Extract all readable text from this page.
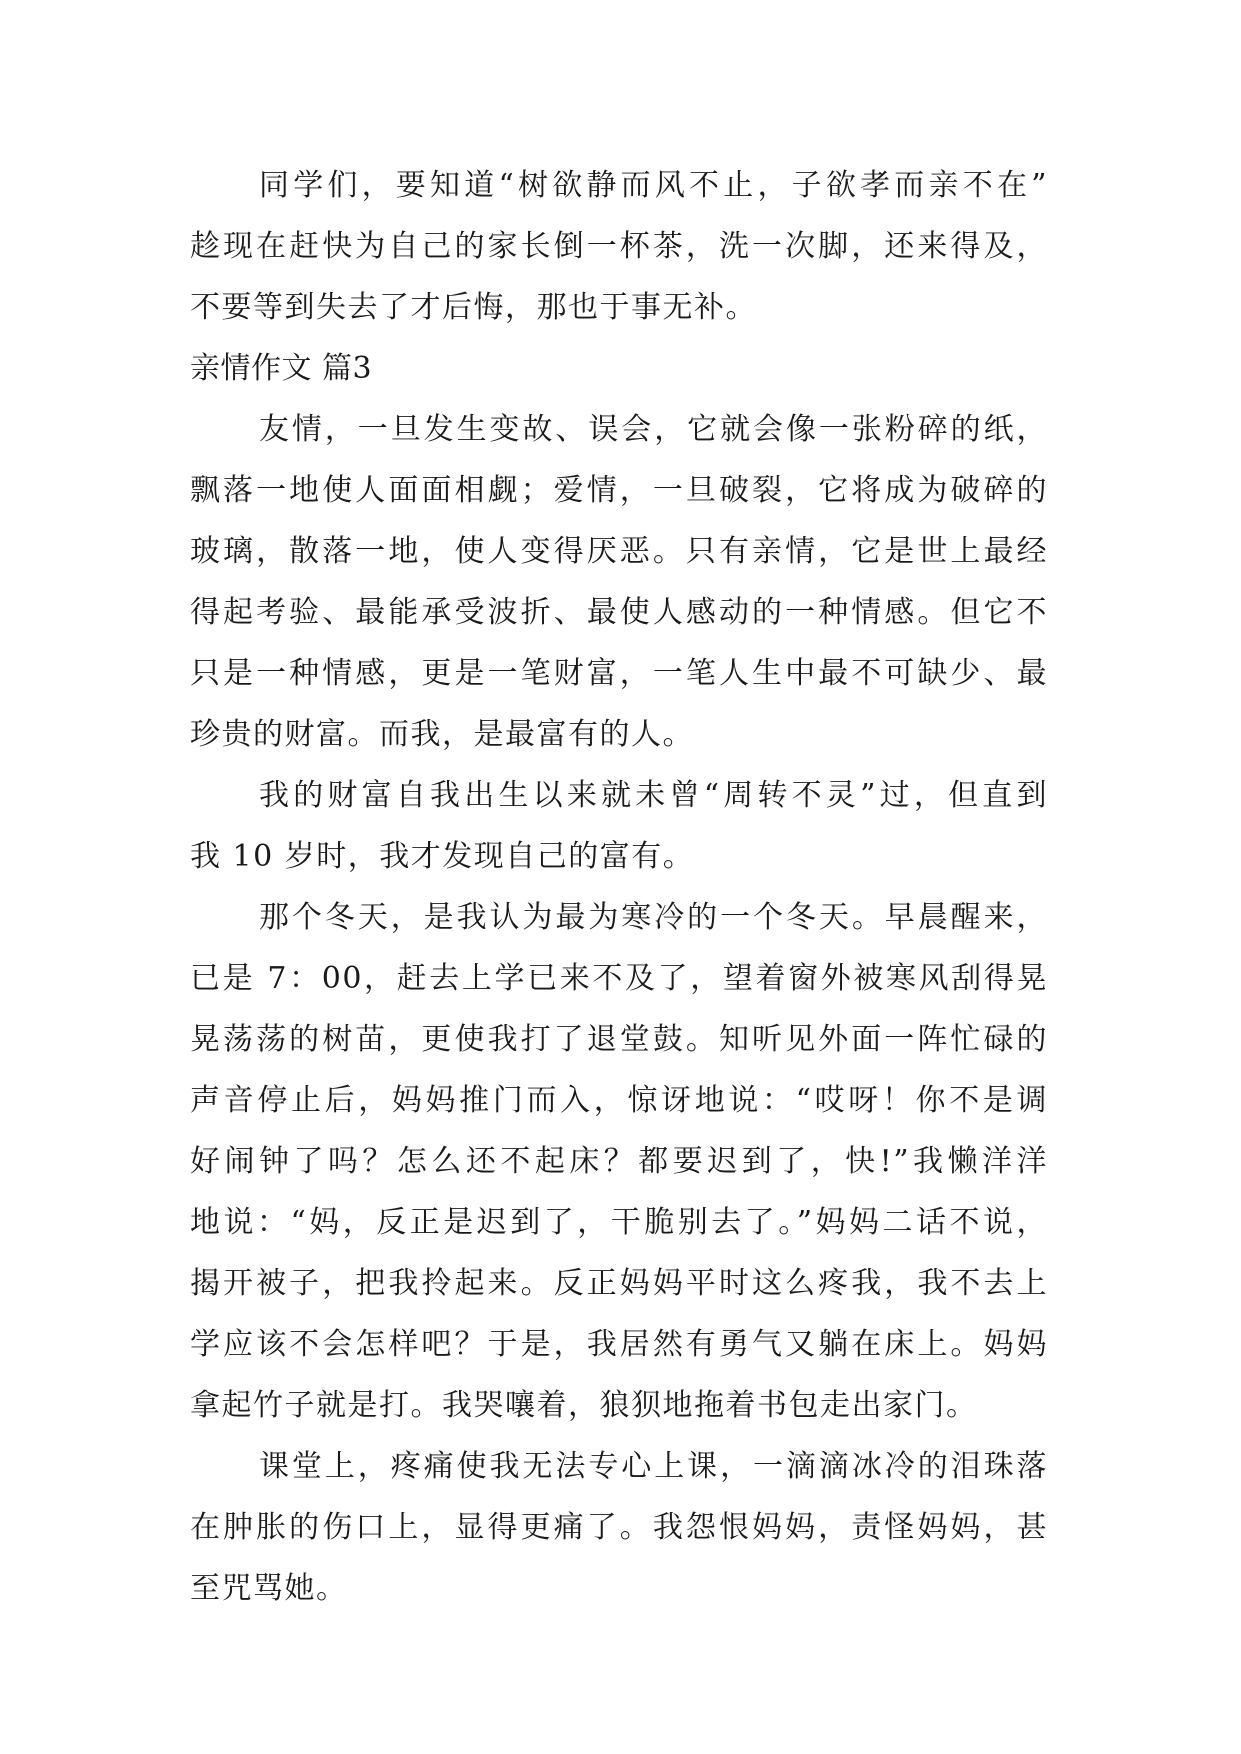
同学们，要知道“树欲静而风不止，子欲孝而亲不在”
趁现在赶快为自己的家长倒一杯茶，洗一次脚，还来得及，
不要等到失去了才后悔，那也于事无补。
亲情作文 篇3
友情，一旦发生变故、误会，它就会像一张粉碎的纸，
飘落一地使人面面相觑；爱情，一旦破裂，它将成为破碎的
玻璃，散落一地，使人变得厌恶。只有亲情，它是世上最经
得起考验、最能承受波折、最使人感动的一种情感。但它不
只是一种情感，更是一笔财富，一笔人生中最不可缺少、最
珍贵的财富。而我，是最富有的人。
我的财富自我出生以来就未曾“周转不灵”过，但直到
我 10 岁时，我才发现自己的富有。
那个冬天，是我认为最为寒冷的一个冬天。早晨醒来，
已是 7：00，赶去上学已来不及了，望着窗外被寒风刮得晃
晃荡荡的树苗，更使我打了退堂鼓。知听见外面一阵忙碌的
声音停止后，妈妈推门而入，惊讶地说：“哎呀！你不是调
好闹钟了吗？怎么还不起床？都要迟到了，快!”我懒洋洋
地说：“妈，反正是迟到了，干脆别去了。”妈妈二话不说，
揭开被子，把我拎起来。反正妈妈平时这么疼我，我不去上
学应该不会怎样吧？于是，我居然有勇气又躺在床上。妈妈
拿起竹子就是打。我哭嚷着，狼狈地拖着书包走出家门。
课堂上，疼痛使我无法专心上课，一滴滴冰冷的泪珠落
在肿胀的伤口上，显得更痛了。我怨恨妈妈，责怪妈妈，甚
至咒骂她。
